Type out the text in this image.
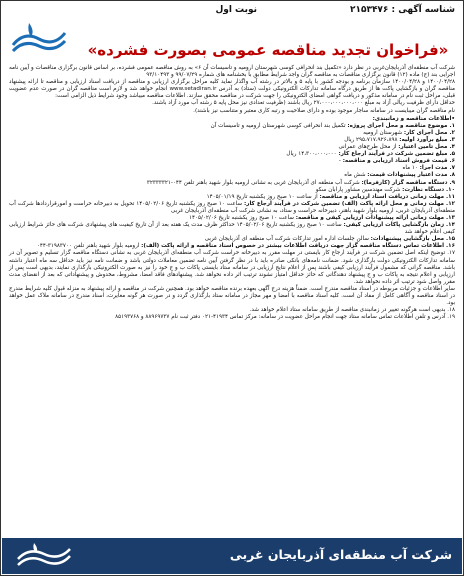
شناسه آگهی : ۲۱۵۳۴۷۶
نوبت اول
«فراخوان تجدید مناقصه عمومی بصورت فشرده»

شرکت آب منطقه‌ای آذربایجان‌غربی در نظر دارد «تکمیل بند انحرافی کوسی شهرستان ارومیه و تاسیسات آن ۶» به روش مناقصه عمومی فشرده، بر اساس قانون برگزاری مناقصات و آیین نامه اجرایی بند (ج) ماده (۱۲) قانون برگزاری مناقصات به مناقصه گران واجد شرایط مطابق با بخشنامه های شماره ۹۹/۰۷/۲۹ و ۹۳/۱۰۴۹۳

۱۴۰۰/۰۴/۲۸ و ۱۴۰۰/۰۴/۲۸ سازمان برنامه و بودجه کشور با پایه ۵ و بالاتر در رشته آب واگذار نماید کلیه مراحل برگزاری ارزیابی و مناقصه از دریافت اسناد ارزیابی و مناقصه تا ارائه پیشنهاد مناقصه گران و بازگشایی پاکت ها از طریق درگاه سامانه تدارکات الکترونیکی دولت (ستاد) به آدرس www.setadiran.ir انجام خواهد شد و لازم است مناقصه گران در صورت عدم عضویت قبلی، مراحل ثبت نام در سامانه مذکور و دریافت گواهی امضای الکترونیکی را جهت شرکت در مناقصه محقق سازند. اطلاعات مناقصه میباشد وجود شرایط ذیل الزامی است:

حداقل دارای ظرفیت ریالی آزاد به مبلغ ۲۷،۰۰۰،۰۰۰،۰۰۰،۰۰۰ ریال باشند (ظرفیت تعدادی نیز محل پایه ۵ رشته آب مورد آزاد باشند.

نام مناقصه گران میبایست در سامانه ساجار موجود بوده و دارای صلاحیت و رتبه کاری معتبر و متناسب نیز باشند).

•اطلاعات مناقصه و زمانبندی:

۱. موضوع مناقصه و محل اجرای پروژه: تکمیل بند انحرافی کوسی شهرستان ارومیه و تاسیسات آن

۲. محل اجرای کار: شهرستان ارومیه

۳. مبلغ برآورد اولیه: ۲۹۵،۷۱۷،۹۲۶،۸۹۸ ریال

۴. محل تامین اعتبار: از محل طرح‌های عمرانی

۵. مبلغ تضمین شرکت در فرآیند ارجاع کار: ۱۴،۳۰۰،۰۰۰،۰۰۰ ریال

۶. قیمت فروش اسناد ارزیابی و مناقصه: -

۷. مدت اجرا: ۱۰ ماه

۸. مدت اعتبار پیشنهادات قیمت: شش ماه

۹. دستگاه مناقصه گزار (کارفرما): شرکت آب منطقه ای آذربایجان غربی به نشانی ارومیه بلوار شهید باهنر تلفن ۰۴۴-۳۲۳۳۳۳۲۱

۱۰. دستگاه نظارت: شرکت مهندسین مشاور پارابان سکو

۱۱. مهلت زمانی دریافت اسناد ارزیابی و مناقصه: از ساعت ۱۰ صبح روز یکشنبه تاریخ ۱۴۰۵/۰۱/۱۹

۱۲. مهلت زمانی و محل ارائه پاکت (الف) تضمین شرکت در فرآیند ارجاع کار: ساعت ۱۰ صبح روز یکشنبه تاریخ ۱۴۰۵/۰۲/۰۶ تحویل به دبیرخانه حراست و امورقراردادها شرکت آب منطقه‌ای آذربایجان غربی، ارومیه بلوار شهید باهنر، دبیرخانه حراست و ستاد، به نشانی شرکت آب منطقه‌ای آذربایجان غربی

۱۳. مهلت زمانی ارائه پیشنهادات ارزیابی کیفی و مناقصه: ساعت ۱۰ صبح روز یکشنبه تاریخ ۱۴۰۵/۰۲/۰۶

۱۴. زمان بازگشایی پاکات ارزیابی کیفی: ساعت ۱۰ صبح روز یکشنبه تاریخ ۱۴۰۵/۰۲/۰۶ حداکثر ظرف مدت یک هفته بعد از آن تاریخ کیفیت های پیشنهادی شرکت های حائز شرایط ارزیابی کیفی اعلام خواهد شد

۱۵. محل بازگشایی پیشنهادات: سالن جلسات اداره امور تدارکات شرکت آب منطقه ای آذربایجان غربی

۱۶. اطلاعات تماس دستگاه مناقصه گزار جهت دریافت اطلاعات بیشتر در خصوص اسناد مناقصه و ارائه پاکت (الف): ارومیه بلوار شهید باهنر تلفن ۳۱۹۸۳۷۰۰-۰۴۴

۱۷. توضیح اینکه اصل تضمین شرکت در فرآیند ارجاع کار بایستی در مهلت مقرر به دبیرخانه حراست شرکت آب منطقه‌ای آذربایجان غربی به نشانی دستگاه مناقصه گزار تسلیم و تصویر آن در سامانه تدارکات الکترونیکی دولت بارگذاری شود. ضمانت نامه‌های بانکی صادره باید با در نظر گرفتن آیین نامه تضمین معاملات دولتی باشد و ضمانت نامه نیز باید حداقل سه ماه اعتبار داشته باشد. مناقصه گرانی که مشمول فرآیند ارزیابی کیفی باشند پس از اعلام نتایج ارزیابی در سامانه ستاد بایستی پاکات ب و ج خود را نیز به صورت الکترونیکی بارگذاری نمایند، بدیهی است پس از ارزیابی و اعلام نتیجه به پاکات ب و ج پیشنهاد دهندگانی که حائز حداقل امتیاز نشوند ترتیب اثر داده نخواهد شد. پیشنهادهای فاقد امضا، مشروط، مخدوش و پیشنهاداتی که بعد از انقضای مدت مقرر واصل شود ترتیب اثر داده نخواهد شد.

سایر اطلاعات و جزئیات مربوطه در اسناد مناقصه مندرج است. ضمناً هزینه درج آگهی بعهده برنده مناقصه خواهد بود. همچنین شرکت در مناقصه و ارائه پیشنهاد به منزله قبول کلیه شرایط مندرج در اسناد مناقصه و آگاهی کامل از مفاد آن است. کلیه اسناد مناقصه با امضا و مهر مجاز در سامانه ستاد بارگذاری گردد و در صورت هر گونه مغایرت، اسناد مندرج در سامانه ملاک عمل خواهد بود.

۱۸. بدیهی است هرگونه تغییر در زمانبندی مناقصه از طریق سامانه ستاد اعلام خواهد شد.

۱۹. آدرس و تلفن اطلاعات تماس سامانه ستاد جهت انجام مراحل عضویت در سامانه: مرکز تماس ۴۱۹۳۴-۰۲۱ دفتر ثبت نام ۸۸۹۶۹۷۳۷ و ۸۵۱۹۳۷۶۸

شرکت آب منطقه‌ای آذربایجان غربی
